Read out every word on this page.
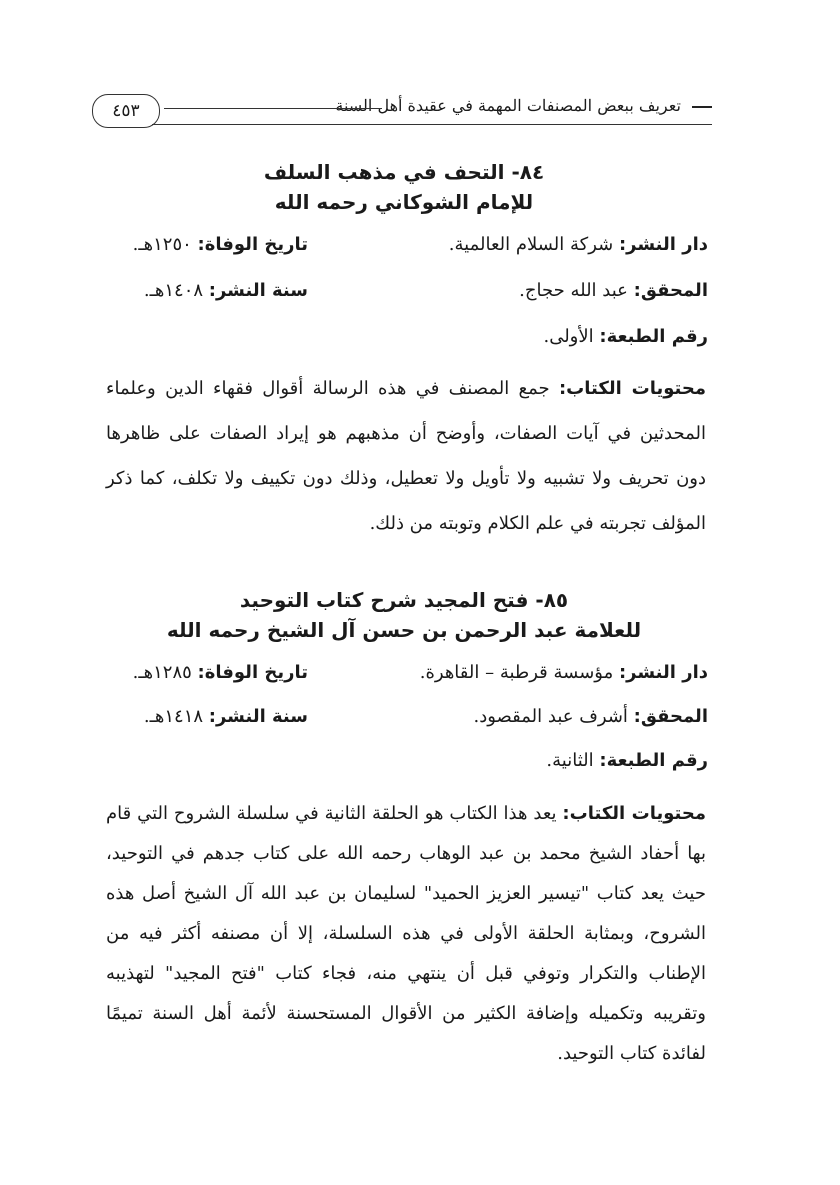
تعريف ببعض المصنفات المهمة في عقيدة أهل السنة
٤٥٣
٨٤- التحف في مذهب السلف
للإمام الشوكاني رحمه الله
دار النشر: شركة السلام العالمية.
تاريخ الوفاة: ١٢٥٠هـ.
المحقق: عبد الله حجاج.
سنة النشر: ١٤٠٨هـ.
رقم الطبعة: الأولى.
محتويات الكتاب: جمع المصنف في هذه الرسالة أقوال فقهاء الدين وعلماء المحدثين في آيات الصفات، وأوضح أن مذهبهم هو إيراد الصفات على ظاهرها دون تحريف ولا تشبيه ولا تأويل ولا تعطيل، وذلك دون تكييف ولا تكلف، كما ذكر المؤلف تجربته في علم الكلام وتوبته من ذلك.
٨٥- فتح المجيد شرح كتاب التوحيد
للعلامة عبد الرحمن بن حسن آل الشيخ رحمه الله
دار النشر: مؤسسة قرطبة – القاهرة.
تاريخ الوفاة: ١٢٨٥هـ.
المحقق: أشرف عبد المقصود.
سنة النشر: ١٤١٨هـ.
رقم الطبعة: الثانية.
محتويات الكتاب: يعد هذا الكتاب هو الحلقة الثانية في سلسلة الشروح التي قام بها أحفاد الشيخ محمد بن عبد الوهاب رحمه الله على كتاب جدهم في التوحيد، حيث يعد كتاب "تيسير العزيز الحميد" لسليمان بن عبد الله آل الشيخ أصل هذه الشروح، وبمثابة الحلقة الأولى في هذه السلسلة، إلا أن مصنفه أكثر فيه من الإطناب والتكرار وتوفي قبل أن ينتهي منه، فجاء كتاب "فتح المجيد" لتهذيبه وتقريبه وتكميله وإضافة الكثير من الأقوال المستحسنة لأئمة أهل السنة تميمًا لفائدة كتاب التوحيد.
